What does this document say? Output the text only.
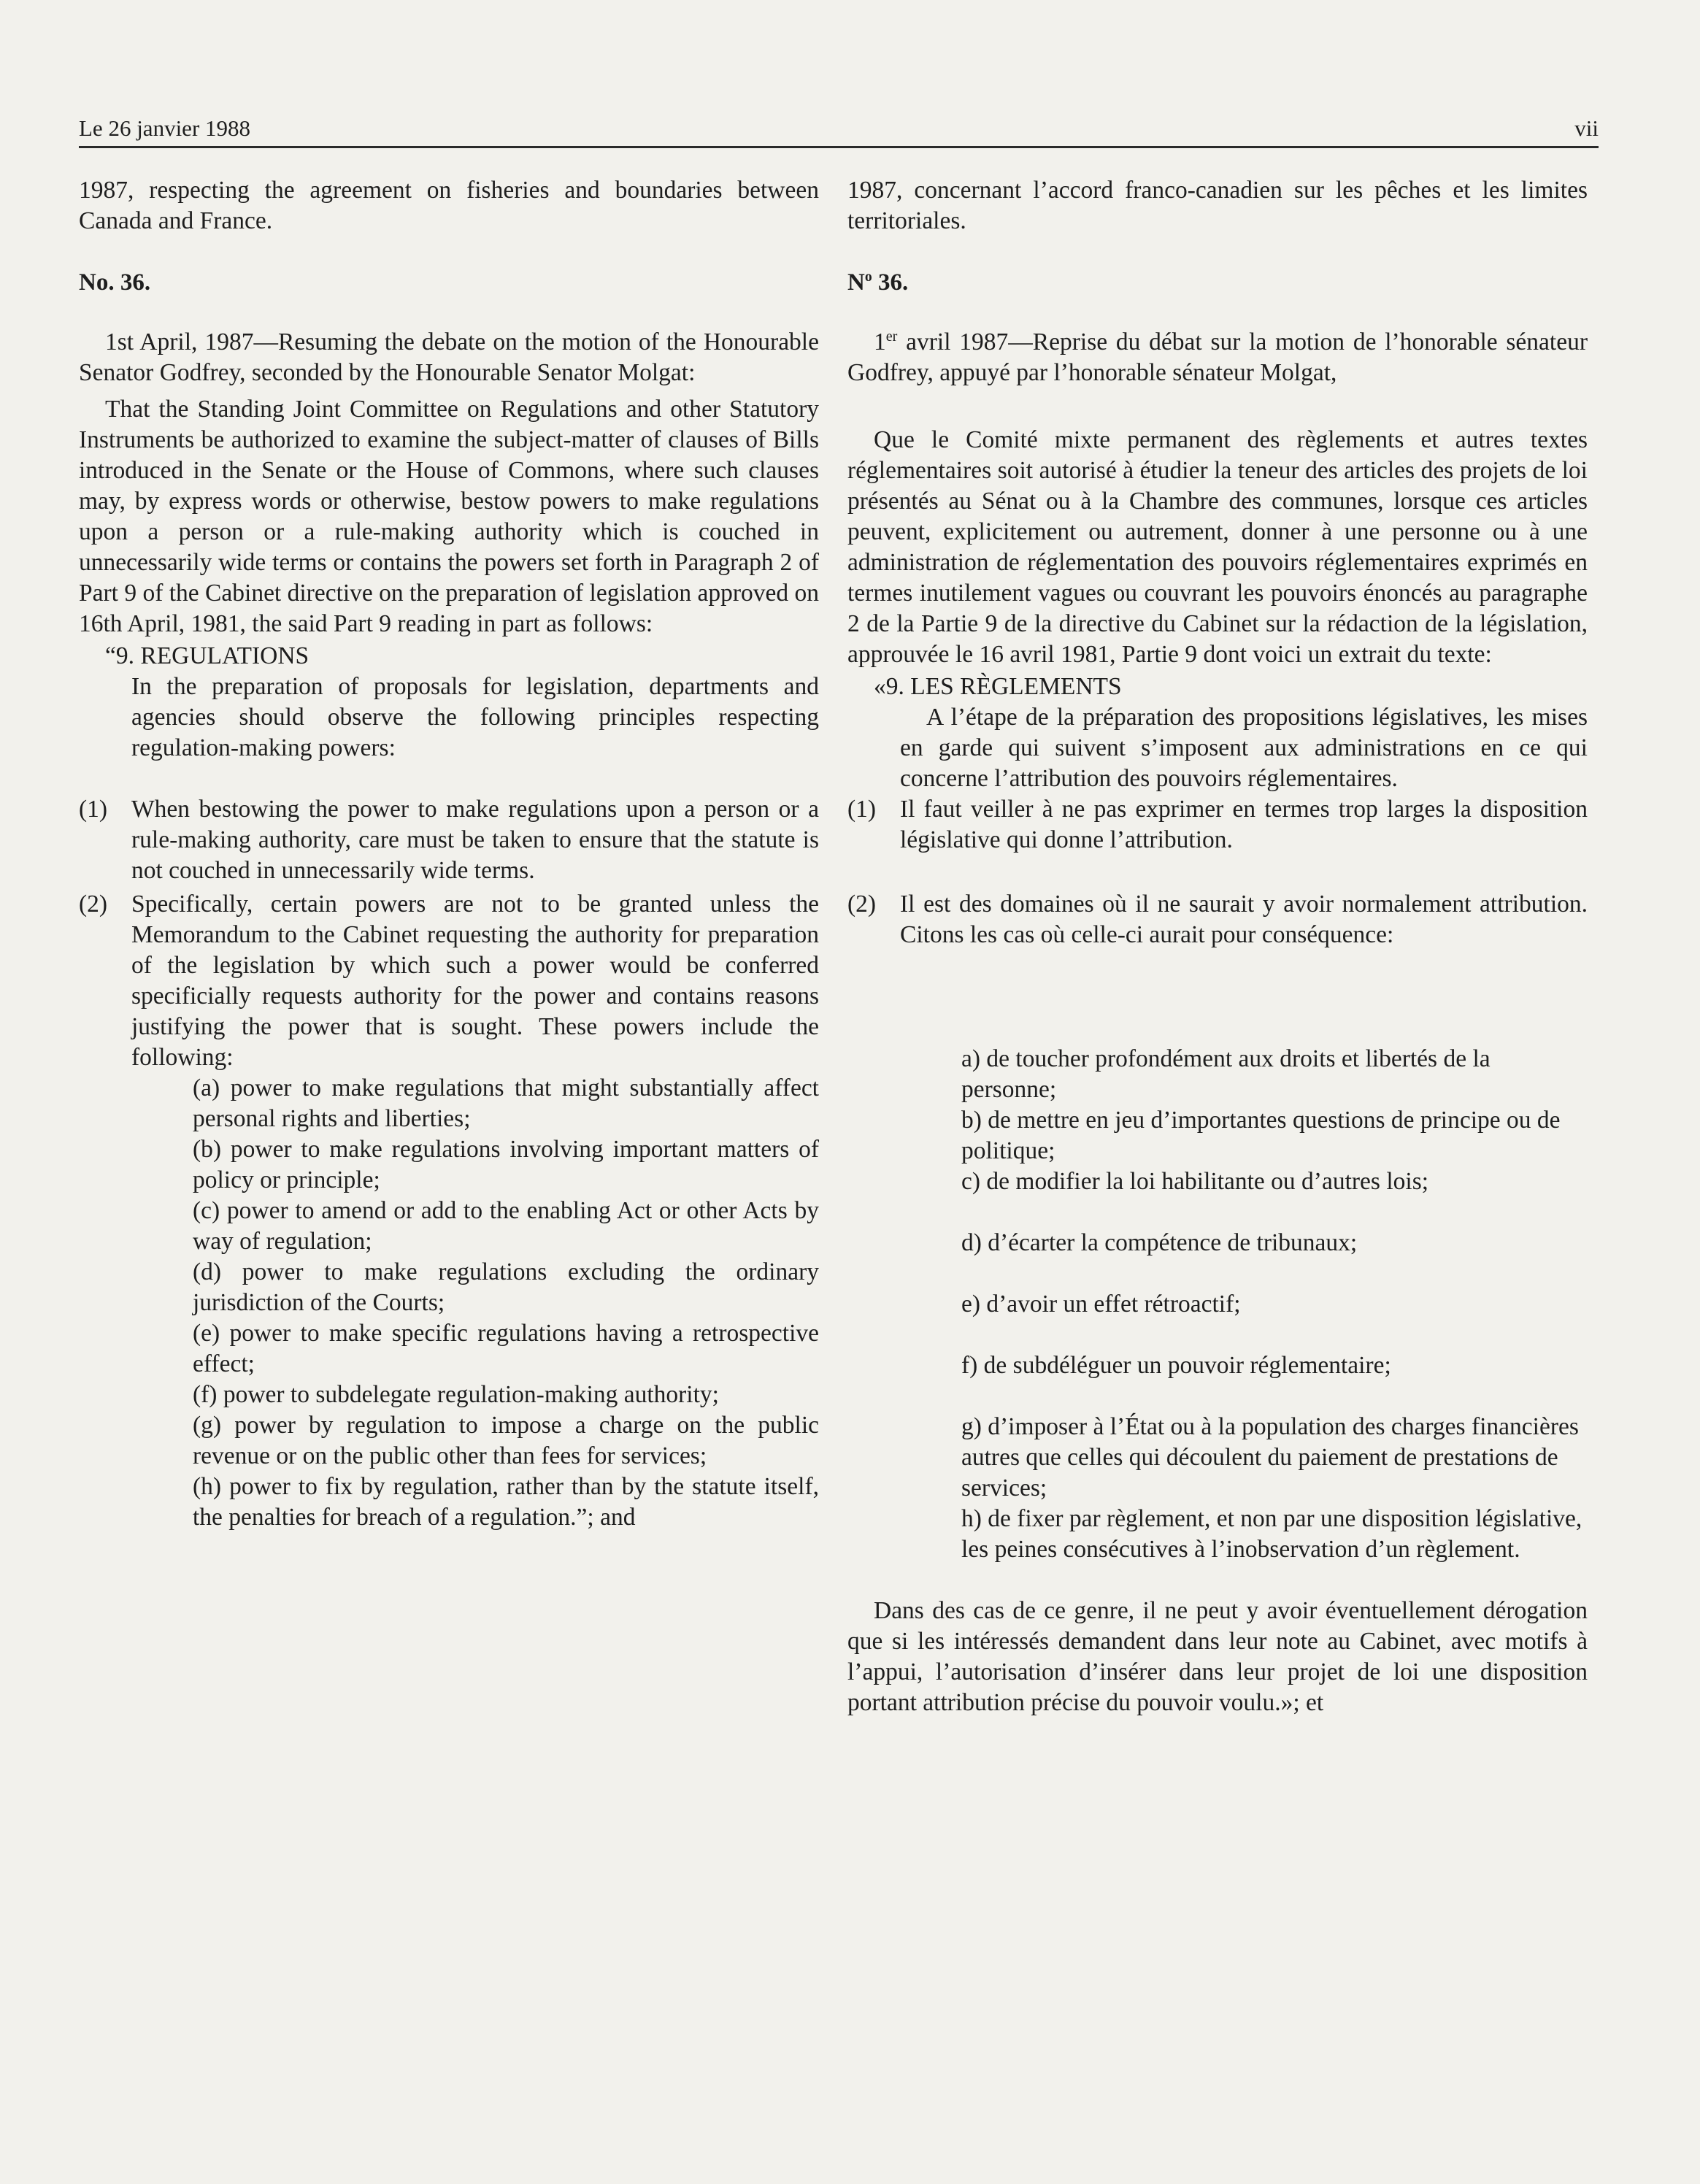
Le 26 janvier 1988	vii

1987, respecting the agreement on fisheries and boundaries between Canada and France.

No. 36.

1st April, 1987—Resuming the debate on the motion of the Honourable Senator Godfrey, seconded by the Honourable Senator Molgat:

That the Standing Joint Committee on Regulations and other Statutory Instruments be authorized to examine the subject-matter of clauses of Bills introduced in the Senate or the House of Commons, where such clauses may, by express words or otherwise, bestow powers to make regulations upon a person or a rule-making authority which is couched in unnecessarily wide terms or contains the powers set forth in Paragraph 2 of Part 9 of the Cabinet directive on the preparation of legislation approved on 16th April, 1981, the said Part 9 reading in part as follows:

“9. REGULATIONS

In the preparation of proposals for legislation, departments and agencies should observe the following principles respecting regulation-making powers:

(1) When bestowing the power to make regulations upon a person or a rule-making authority, care must be taken to ensure that the statute is not couched in unnecessarily wide terms.
(2) Specifically, certain powers are not to be granted unless the Memorandum to the Cabinet requesting the authority for preparation of the legislation by which such a power would be conferred specificially requests authority for the power and contains reasons justifying the power that is sought. These powers include the following:

(a) power to make regulations that might substantially affect personal rights and liberties;

(b) power to make regulations involving important matters of policy or principle;

(c) power to amend or add to the enabling Act or other Acts by way of regulation;

(d) power to make regulations excluding the ordinary jurisdiction of the Courts;

(e) power to make specific regulations having a retrospective effect;

(f) power to subdelegate regulation-making authority;

(g) power by regulation to impose a charge on the public revenue or on the public other than fees for services;

(h) power to fix by regulation, rather than by the statute itself, the penalties for breach of a regulation.”; and

1987, concernant l’accord franco-canadien sur les pêches et les limites territoriales.

$N^o$ 36.

1er avril 1987—Reprise du débat sur la motion de l’honorable sénateur Godfrey, appuyé par l’honorable sénateur Molgat,

Que le Comité mixte permanent des règlements et autres textes réglementaires soit autorisé à étudier la teneur des articles des projets de loi présentés au Sénat ou à la Chambre des communes, lorsque ces articles peuvent, explicitement ou autrement, donner à une personne ou à une administration de réglementation des pouvoirs réglementaires exprimés en termes inutilement vagues ou couvrant les pouvoirs énoncés au paragraphe 2 de la Partie 9 de la directive du Cabinet sur la rédaction de la législation, approuvée le 16 avril 1981, Partie 9 dont voici un extrait du texte:

«9. LES RÈGLEMENTS

A l’étape de la préparation des propositions législatives, les mises en garde qui suivent s’imposent aux administrations en ce qui concerne l’attribution des pouvoirs réglementaires.

(1) Il faut veiller à ne pas exprimer en termes trop larges la disposition législative qui donne l’attribution.
(2) Il est des domaines où il ne saurait y avoir normalement attribution. Citons les cas où celle-ci aurait pour conséquence:

a) de toucher profondément aux droits et libertés de la personne;

b) de mettre en jeu d’importantes questions de principe ou de politique;

c) de modifier la loi habilitante ou d’autres lois;

d) d’écarter la compétence de tribunaux;

e) d’avoir un effet rétroactif;

f) de subdéléguer un pouvoir réglementaire;

g) d’imposer à l’État ou à la population des charges financières autres que celles qui découlent du paiement de prestations de services;

h) de fixer par règlement, et non par une disposition législative, les peines consécutives à l’inobservation d’un règlement.

Dans des cas de ce genre, il ne peut y avoir éventuellement dérogation que si les intéressés demandent dans leur note au Cabinet, avec motifs à l’appui, l’autorisation d’insérer dans leur projet de loi une disposition portant attribution précise du pouvoir voulu.»; et
